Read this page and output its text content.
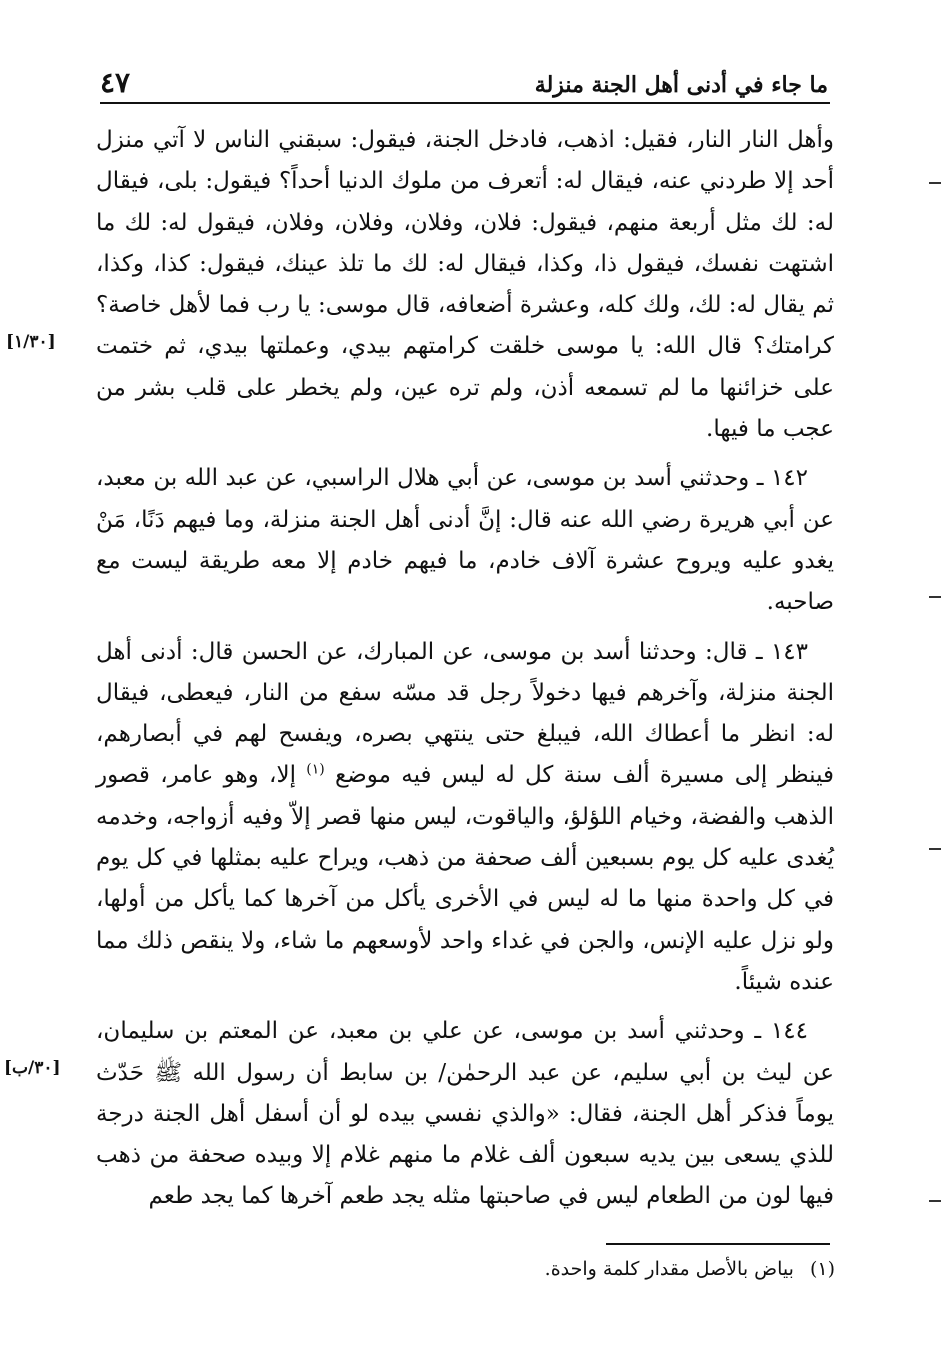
ما جاء في أدنى أهل الجنة منزلة
٤٧
[١/٣٠]
[٣٠/ب]

وأهل النار النار، فقيل: اذهب، فادخل الجنة، فيقول: سبقني الناس لا آتي منزل أحد إلا طردني عنه، فيقال له: أتعرف من ملوك الدنيا أحداً؟ فيقول: بلى، فيقال له: لك مثل أربعة منهم، فيقول: فلان، وفلان، وفلان، وفلان، فيقول له: لك ما اشتهت نفسك، فيقول ذا، وكذا، فيقال له: لك ما تلذ عينك، فيقول: كذا، وكذا، ثم يقال له: لك، ولك كله، وعشرة أضعافه، قال موسى: يا رب فما لأهل خاصة؟ كرامتك؟ قال الله: يا موسى خلقت كرامتهم بيدي، وعملتها بيدي، ثم ختمت على خزائنها ما لم تسمعه أذن، ولم تره عين، ولم يخطر على قلب بشر من عجب ما فيها.

١٤٢ ـ وحدثني أسد بن موسى، عن أبي هلال الراسبي، عن عبد الله بن معبد، عن أبي هريرة رضي الله عنه قال: إنَّ أدنى أهل الجنة منزلة، وما فيهم دَنًا، مَنْ يغدو عليه ويروح عشرة آلاف خادم، ما فيهم خادم إلا معه طريقة ليست مع صاحبه.

١٤٣ ـ قال: وحدثنا أسد بن موسى، عن المبارك، عن الحسن قال: أدنى أهل الجنة منزلة، وآخرهم فيها دخولاً رجل قد مسّه سفع من النار، فيعطى، فيقال له: انظر ما أعطاك الله، فيبلغ حتى ينتهي بصره، ويفسح لهم في أبصارهم، فينظر إلى مسيرة ألف سنة كل له ليس فيه موضع $^{(١)}$ إلا، وهو عامر، قصور الذهب والفضة، وخيام اللؤلؤ، والياقوت، ليس منها قصر إلاّ وفيه أزواجه، وخدمه يُغدى عليه كل يوم بسبعين ألف صحفة من ذهب، ويراح عليه بمثلها في كل يوم في كل واحدة منها ما له ليس في الأخرى يأكل من آخرها كما يأكل من أولها، ولو نزل عليه الإنس، والجن في غداء واحد لأوسعهم ما شاء، ولا ينقص ذلك مما عنده شيئاً.

١٤٤ ـ وحدثني أسد بن موسى، عن علي بن معبد، عن المعتم بن سليمان، عن ليث بن أبي سليم، عن عبد الرحمٰن/ بن سابط أن رسول الله ﷺ حَدّث يوماً فذكر أهل الجنة، فقال: «والذي نفسي بيده لو أن أسفل أهل الجنة درجة للذي يسعى بين يديه سبعون ألف غلام ما منهم غلام إلا وبيده صحفة من ذهب فيها لون من الطعام ليس في صاحبتها مثله يجد طعم آخرها كما يجد طعم

(١)بياض بالأصل مقدار كلمة واحدة.
